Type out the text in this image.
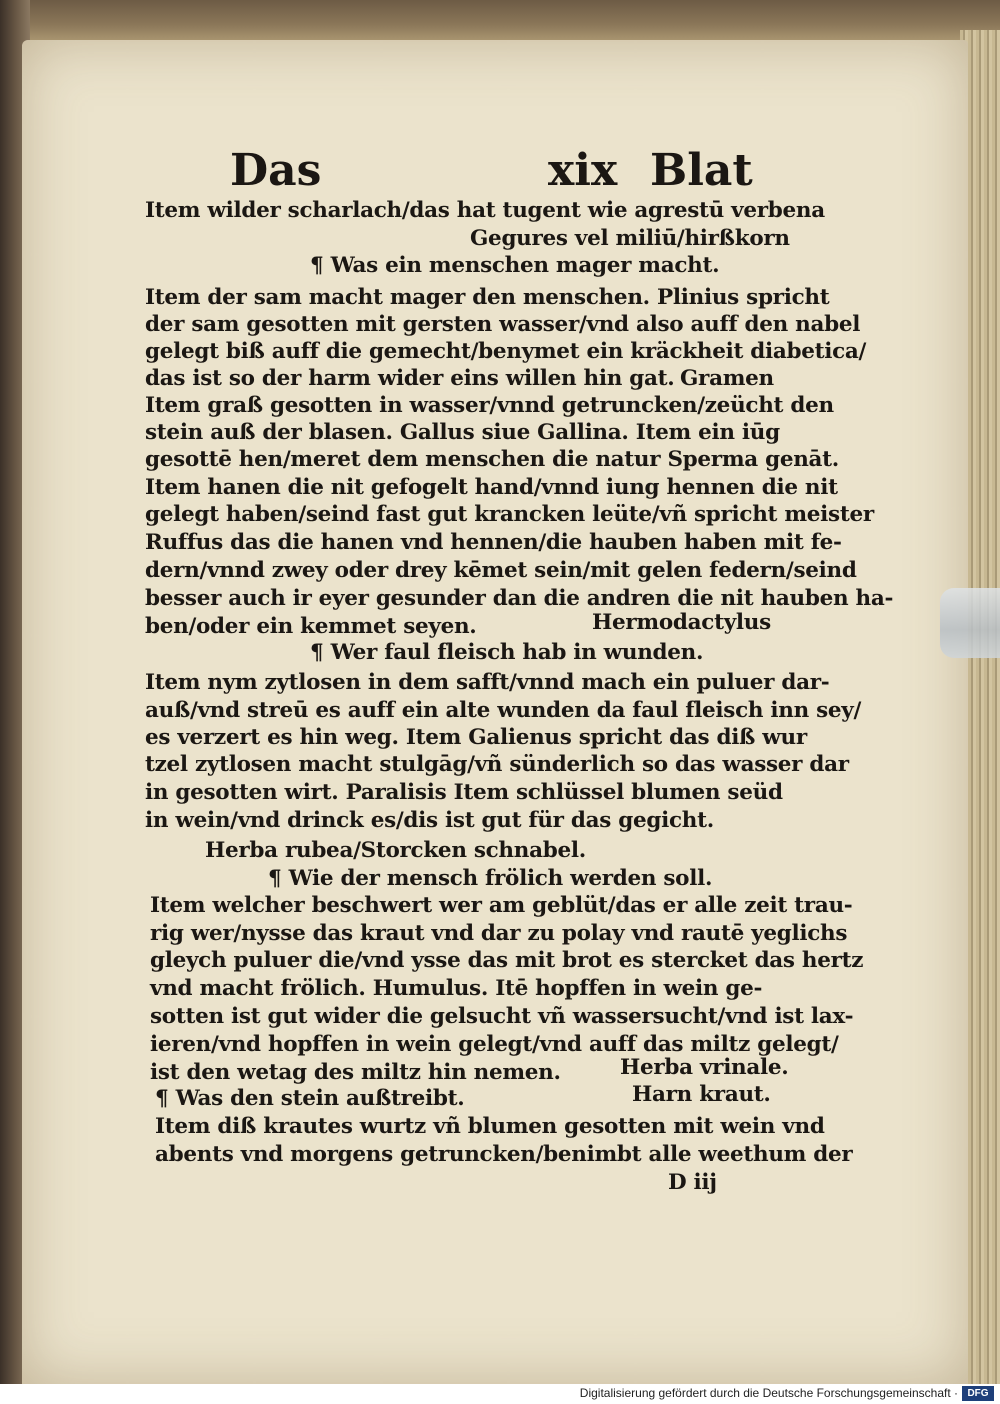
Das	xix Blat
Item wilder scharlach/das hat tugent wie agrestū verbena
Gegures vel miliū/hirßkorn
¶ Was ein menschen mager macht.
Item der sam macht mager den menschen. Plinius spricht
der sam gesotten mit gersten wasser/vnd also auff den nabel
gelegt biß auff die gemecht/benymet ein kräckheit diabetica/
das ist so der harm wider eins willen hin gat. Gramen
Item graß gesotten in wasser/vnnd getruncken/zeücht den
stein auß der blasen. Gallus siue Gallina. Item ein iūg
gesottē hen/meret dem menschen die natur Sperma genāt.
Item hanen die nit gefogelt hand/vnnd iung hennen die nit
gelegt haben/seind fast gut krancken leüte/vñ spricht meister
Ruffus das die hanen vnd hennen/die hauben haben mit fe-
dern/vnnd zwey oder drey kēmet sein/mit gelen federn/seind
besser auch ir eyer gesunder dan die andren die nit hauben ha-
ben/oder ein kemmet seyen.	Hermodactylus
¶ Wer faul fleisch hab in wunden.
Item nym zytlosen in dem safft/vnnd mach ein puluer dar-
auß/vnd streū es auff ein alte wunden da faul fleisch inn sey/
es verzert es hin weg. Item Galienus spricht das diß wur
tzel zytlosen macht stulgāg/vñ sünderlich so das wasser dar
in gesotten wirt. Paralisis Item schlüssel blumen seüd
in wein/vnd drinck es/dis ist gut für das gegicht.
Herba rubea/Storcken schnabel.
¶ Wie der mensch frölich werden soll.
Item welcher beschwert wer am geblüt/das er alle zeit trau-
rig wer/nysse das kraut vnd dar zu polay vnd rautē yeglichs
gleych puluer die/vnd ysse das mit brot es stercket das hertz
vnd macht frölich. Humulus. Itē hopffen in wein ge-
sotten ist gut wider die gelsucht vñ wassersucht/vnd ist lax-
ieren/vnd hopffen in wein gelegt/vnd auff das miltz gelegt/
ist den wetag des miltz hin nemen.	Herba vrinale.
¶ Was den stein außtreibt.	Harn kraut.
Item diß krautes wurtz vñ blumen gesotten mit wein vnd
abents vnd morgens getruncken/benimbt alle weethum der
D iij
Digitalisierung gefördert durch die Deutsche Forschungsgemeinschaft · DFG
